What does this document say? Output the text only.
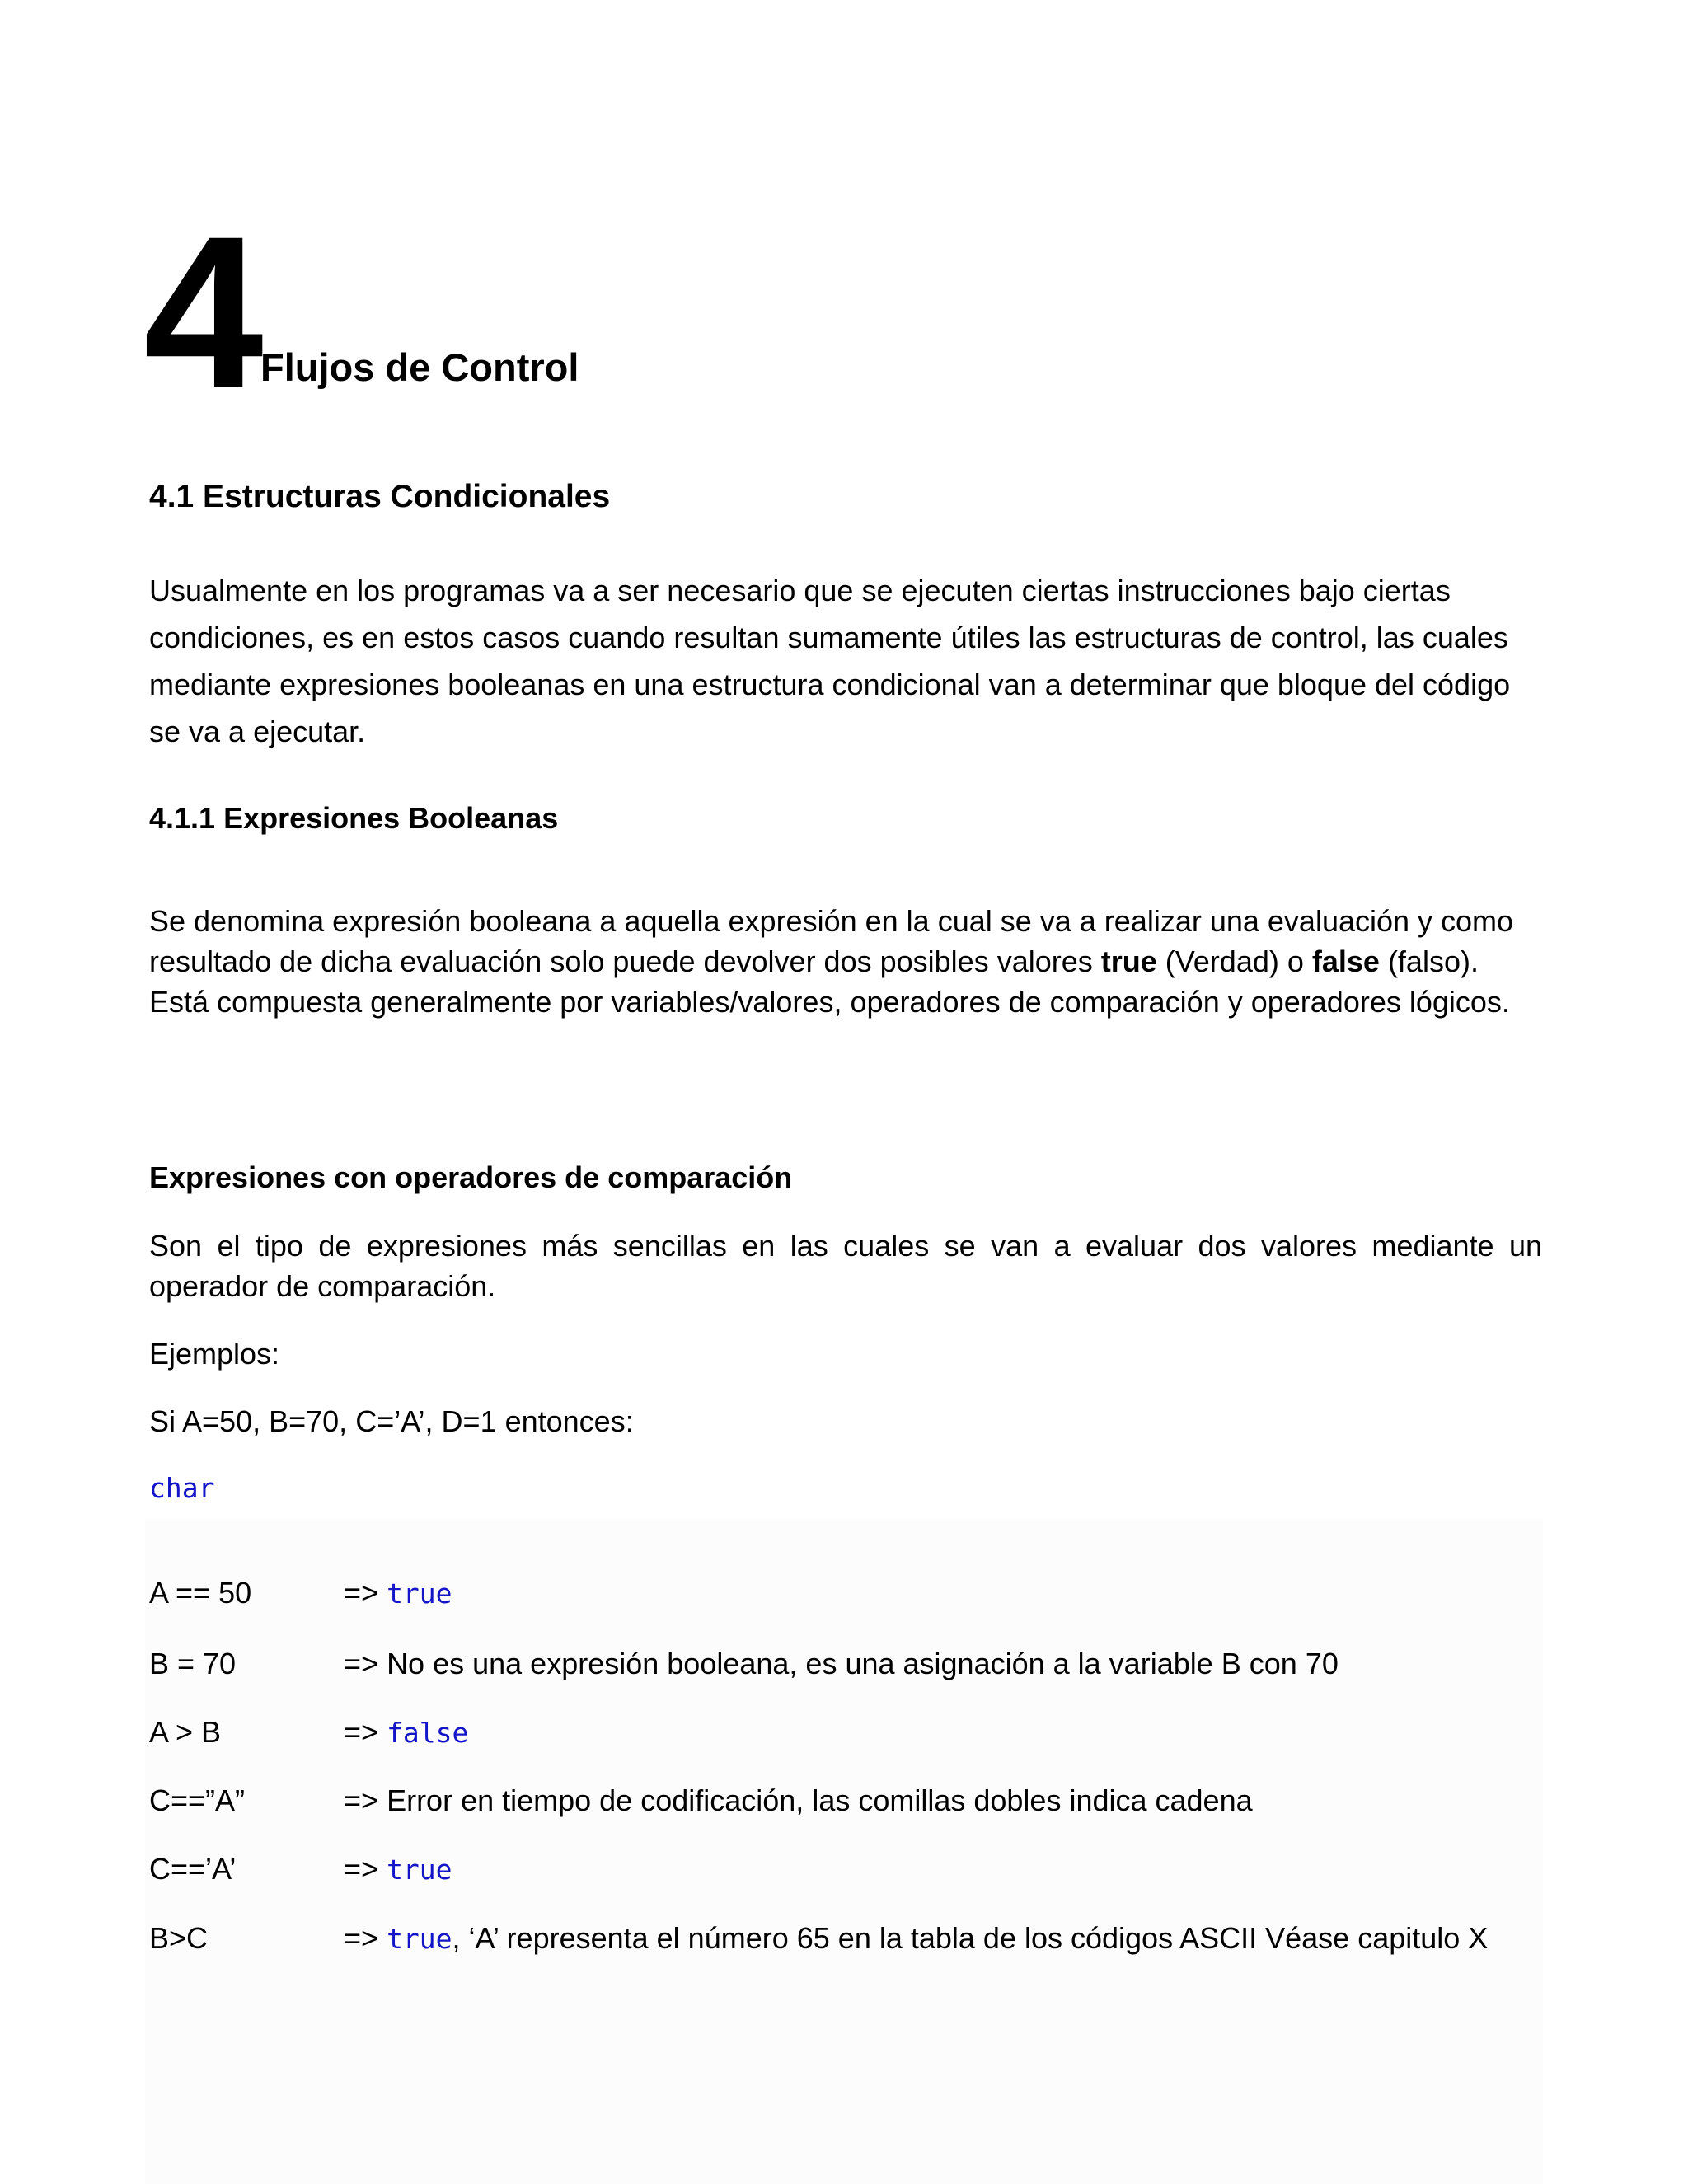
4 Flujos de Control
4.1 Estructuras Condicionales
Usualmente en los programas va a ser necesario que se ejecuten ciertas instrucciones bajo ciertas condiciones, es en estos casos cuando resultan sumamente útiles las estructuras de control, las cuales mediante expresiones booleanas en una estructura condicional van a determinar que bloque del código se va a ejecutar.
4.1.1 Expresiones Booleanas
Se denomina expresión booleana a aquella expresión en la cual se va a realizar una evaluación y como resultado de dicha evaluación solo puede devolver dos posibles valores true (Verdad) o false (falso). Está compuesta generalmente por variables/valores, operadores de comparación y operadores lógicos.
Expresiones con operadores de comparación
Son el tipo de expresiones más sencillas en las cuales se van a evaluar dos valores mediante un operador de comparación.
Ejemplos:
Si A=50, B=70, C=’A’, D=1 entonces:
char
A == 50	=> true
B = 70	=> No es una expresión booleana, es una asignación a la variable B con 70
A > B	=> false
C==”A”	=> Error en tiempo de codificación, las comillas dobles indica cadena
C==’A’	=> true
B>C	=> true, ‘A’ representa el número 65 en la tabla de los códigos ASCII Véase capitulo X
